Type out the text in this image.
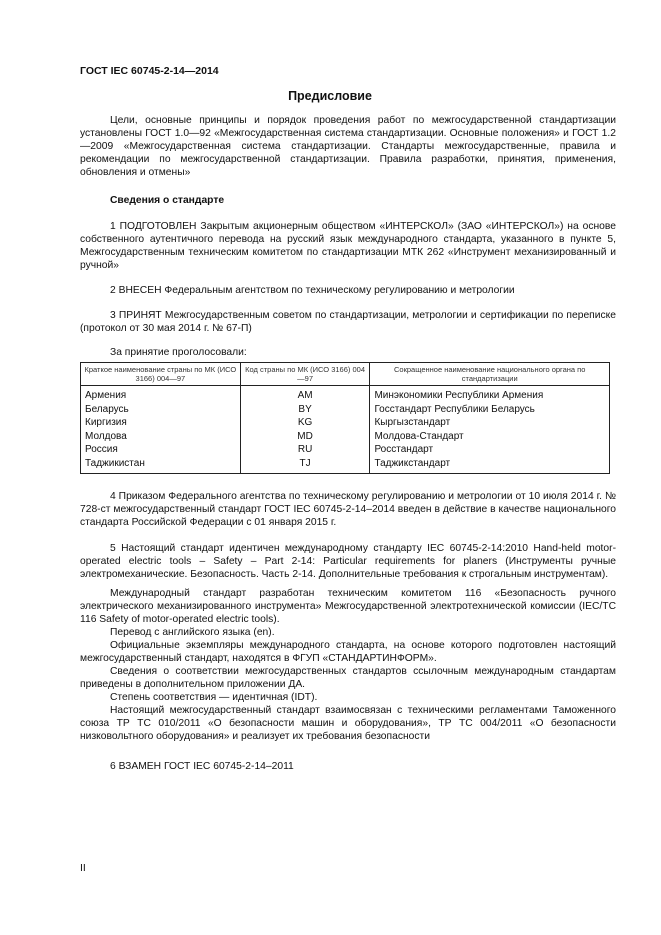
ГОСТ IEC 60745-2-14—2014
Предисловие
Цели, основные принципы и порядок проведения работ по межгосударственной стандартизации установлены ГОСТ 1.0—92 «Межгосударственная система стандартизации. Основные положения» и ГОСТ 1.2—2009 «Межгосударственная система стандартизации. Стандарты межгосударственные, правила и рекомендации по межгосударственной стандартизации. Правила разработки, принятия, применения, обновления и отмены»
Сведения о стандарте
1 ПОДГОТОВЛЕН Закрытым акционерным обществом «ИНТЕРСКОЛ» (ЗАО «ИНТЕРСКОЛ») на основе собственного аутентичного перевода на русский язык международного стандарта, указанного в пункте 5, Межгосударственным техническим комитетом по стандартизации МТК 262 «Инструмент механизированный и ручной»
2 ВНЕСЕН Федеральным агентством по техническому регулированию и метрологии
3 ПРИНЯТ Межгосударственным советом по стандартизации, метрологии и сертификации по переписке (протокол от 30 мая 2014 г. № 67-П)
За принятие проголосовали:
Краткое наименование страны по МК (ИСО 3166) 004—97	Код страны по МК (ИСО 3166) 004—97	Сокращенное наименование национального органа по стандартизации
Армения	AM	Минэкономики Республики Армения
Беларусь	BY	Госстандарт Республики Беларусь
Киргизия	KG	Кыргызстандарт
Молдова	MD	Молдова-Стандарт
Россия	RU	Росстандарт
Таджикистан	TJ	Таджикстандарт
4 Приказом Федерального агентства по техническому регулированию и метрологии от 10 июля 2014 г. № 728-ст межгосударственный стандарт ГОСТ IEC 60745-2-14–2014 введен в действие в качестве национального стандарта Российской Федерации с 01 января 2015 г.

5 Настоящий стандарт идентичен международному стандарту IEC 60745-2-14:2010 Hand-held motor-operated electric tools – Safety – Part 2-14: Particular requirements for planers (Инструменты ручные электромеханические. Безопасность. Часть 2-14. Дополнительные требования к строгальным инструментам).

Международный стандарт разработан техническим комитетом 116 «Безопасность ручного электрического механизированного инструмента» Межгосударственной электротехнической комиссии (IEC/TC 116 Safety of motor-operated electric tools).

Перевод с английского языка (en).

Официальные экземпляры международного стандарта, на основе которого подготовлен настоящий межгосударственный стандарт, находятся в ФГУП «СТАНДАРТИНФОРМ».

Сведения о соответствии межгосударственных стандартов ссылочным международным стандартам приведены в дополнительном приложении ДА.

Степень соответствия — идентичная (IDT).

Настоящий межгосударственный стандарт взаимосвязан с техническими регламентами Таможенного союза ТР ТС 010/2011 «О безопасности машин и оборудования», ТР ТС 004/2011 «О безопасности низковольтного оборудования» и реализует их требования безопасности

6 ВЗАМЕН ГОСТ IEC 60745-2-14–2011
II
